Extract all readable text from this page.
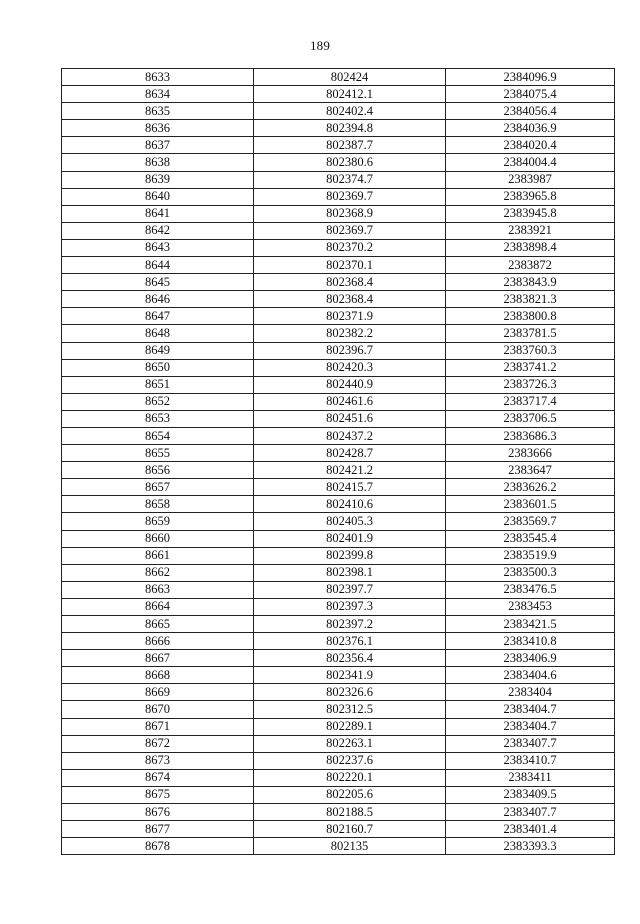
189
8633	802424	2384096.9
8634	802412.1	2384075.4
8635	802402.4	2384056.4
8636	802394.8	2384036.9
8637	802387.7	2384020.4
8638	802380.6	2384004.4
8639	802374.7	2383987
8640	802369.7	2383965.8
8641	802368.9	2383945.8
8642	802369.7	2383921
8643	802370.2	2383898.4
8644	802370.1	2383872
8645	802368.4	2383843.9
8646	802368.4	2383821.3
8647	802371.9	2383800.8
8648	802382.2	2383781.5
8649	802396.7	2383760.3
8650	802420.3	2383741.2
8651	802440.9	2383726.3
8652	802461.6	2383717.4
8653	802451.6	2383706.5
8654	802437.2	2383686.3
8655	802428.7	2383666
8656	802421.2	2383647
8657	802415.7	2383626.2
8658	802410.6	2383601.5
8659	802405.3	2383569.7
8660	802401.9	2383545.4
8661	802399.8	2383519.9
8662	802398.1	2383500.3
8663	802397.7	2383476.5
8664	802397.3	2383453
8665	802397.2	2383421.5
8666	802376.1	2383410.8
8667	802356.4	2383406.9
8668	802341.9	2383404.6
8669	802326.6	2383404
8670	802312.5	2383404.7
8671	802289.1	2383404.7
8672	802263.1	2383407.7
8673	802237.6	2383410.7
8674	802220.1	2383411
8675	802205.6	2383409.5
8676	802188.5	2383407.7
8677	802160.7	2383401.4
8678	802135	2383393.3
